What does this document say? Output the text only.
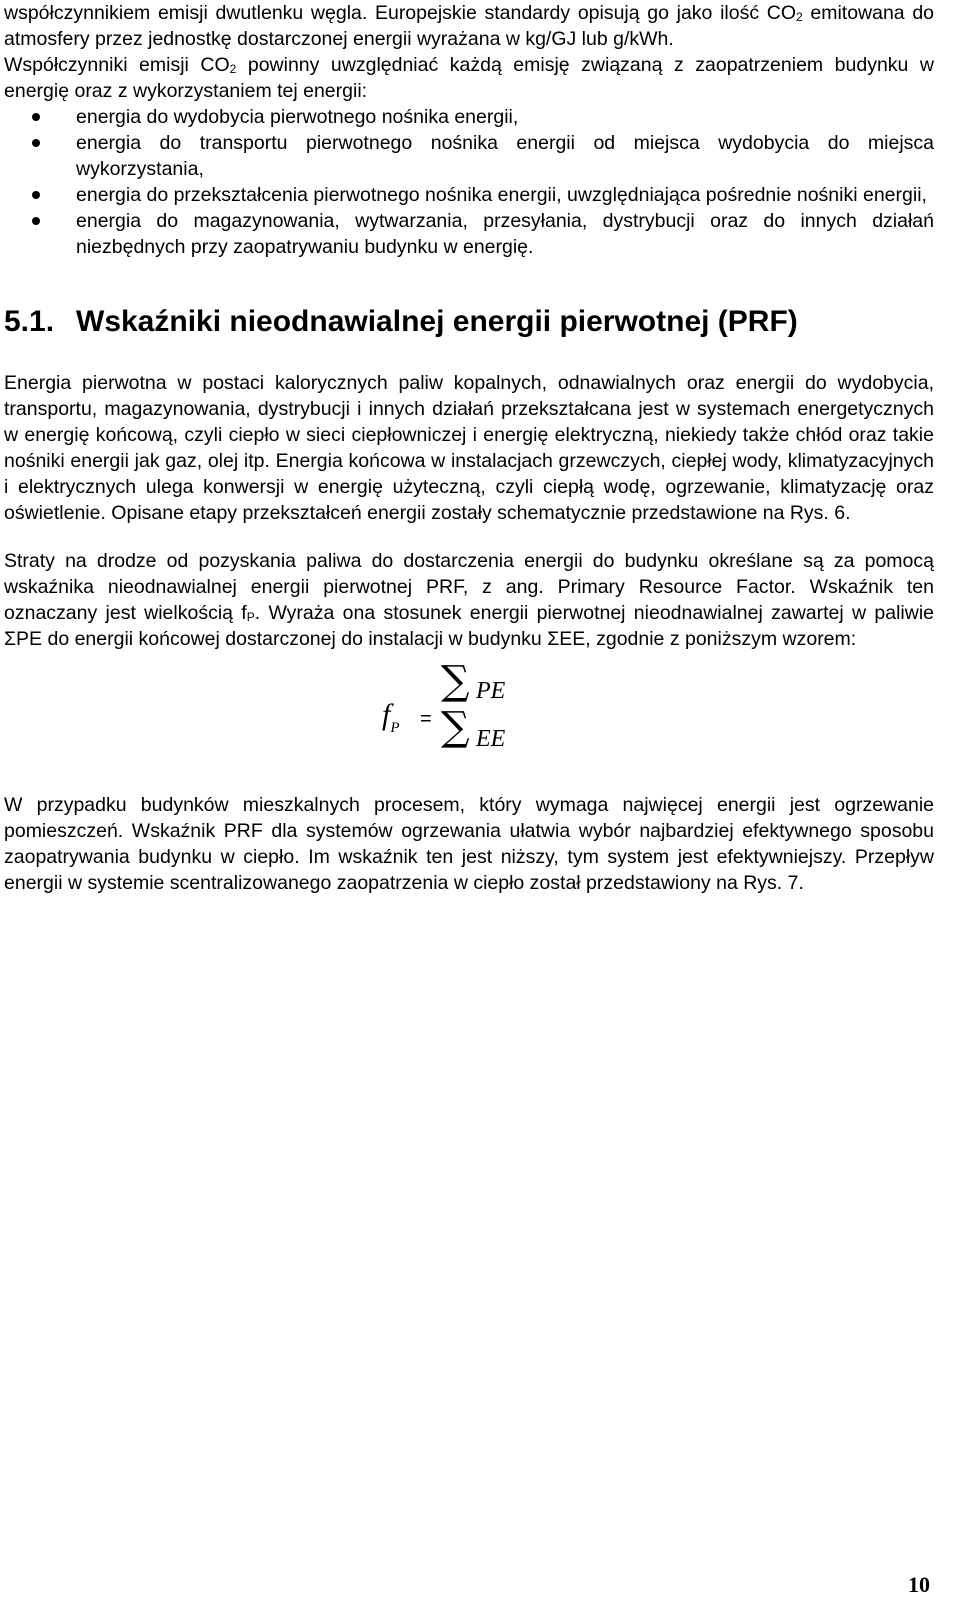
współczynnikiem emisji dwutlenku węgla. Europejskie standardy opisują go jako ilość $CO_2$ emitowana do atmosfery przez jednostkę dostarczonej energii wyrażana w kg/GJ lub g/kWh.

Współczynniki emisji $CO_2$ powinny uwzględniać każdą emisję związaną z zaopatrzeniem budynku w energię oraz z wykorzystaniem tej energii:

energia do wydobycia pierwotnego nośnika energii,
energia do transportu pierwotnego nośnika energii od miejsca wydobycia do miejsca wykorzystania,
energia do przekształcenia pierwotnego nośnika energii, uwzględniająca pośrednie nośniki energii,
energia do magazynowania, wytwarzania, przesyłania, dystrybucji oraz do innych działań niezbędnych przy zaopatrywaniu budynku w energię.
5.1. Wskaźniki nieodnawialnej energii pierwotnej (PRF)

Energia pierwotna w postaci kalorycznych paliw kopalnych, odnawialnych oraz energii do wydobycia, transportu, magazynowania, dystrybucji i innych działań przekształcana jest w systemach energetycznych w energię końcową, czyli ciepło w sieci ciepłowniczej i energię elektryczną, niekiedy także chłód oraz takie nośniki energii jak gaz, olej itp. Energia końcowa w instalacjach grzewczych, ciepłej wody, klimatyzacyjnych i elektrycznych ulega konwersji w energię użyteczną, czyli ciepłą wodę, ogrzewanie, klimatyzację oraz oświetlenie. Opisane etapy przekształceń energii zostały schematycznie przedstawione na Rys. 6.

Straty na drodze od pozyskania paliwa do dostarczenia energii do budynku określane są za pomocą wskaźnika nieodnawialnej energii pierwotnej PRF, z ang. Primary Resource Factor. Wskaźnik ten oznaczany jest wielkością $f_P$. Wyraża ona stosunek energii pierwotnej nieodnawialnej zawartej w paliwie ΣPE do energii końcowej dostarczonej do instalacji w budynku ΣEE, zgodnie z poniższym wzorem:

$f_P$ =
∑ PE
∑ EE

W przypadku budynków mieszkalnych procesem, który wymaga najwięcej energii jest ogrzewanie pomieszczeń. Wskaźnik PRF dla systemów ogrzewania ułatwia wybór najbardziej efektywnego sposobu zaopatrywania budynku w ciepło. Im wskaźnik ten jest niższy, tym system jest efektywniejszy. Przepływ energii w systemie scentralizowanego zaopatrzenia w ciepło został przedstawiony na Rys. 7.

10
